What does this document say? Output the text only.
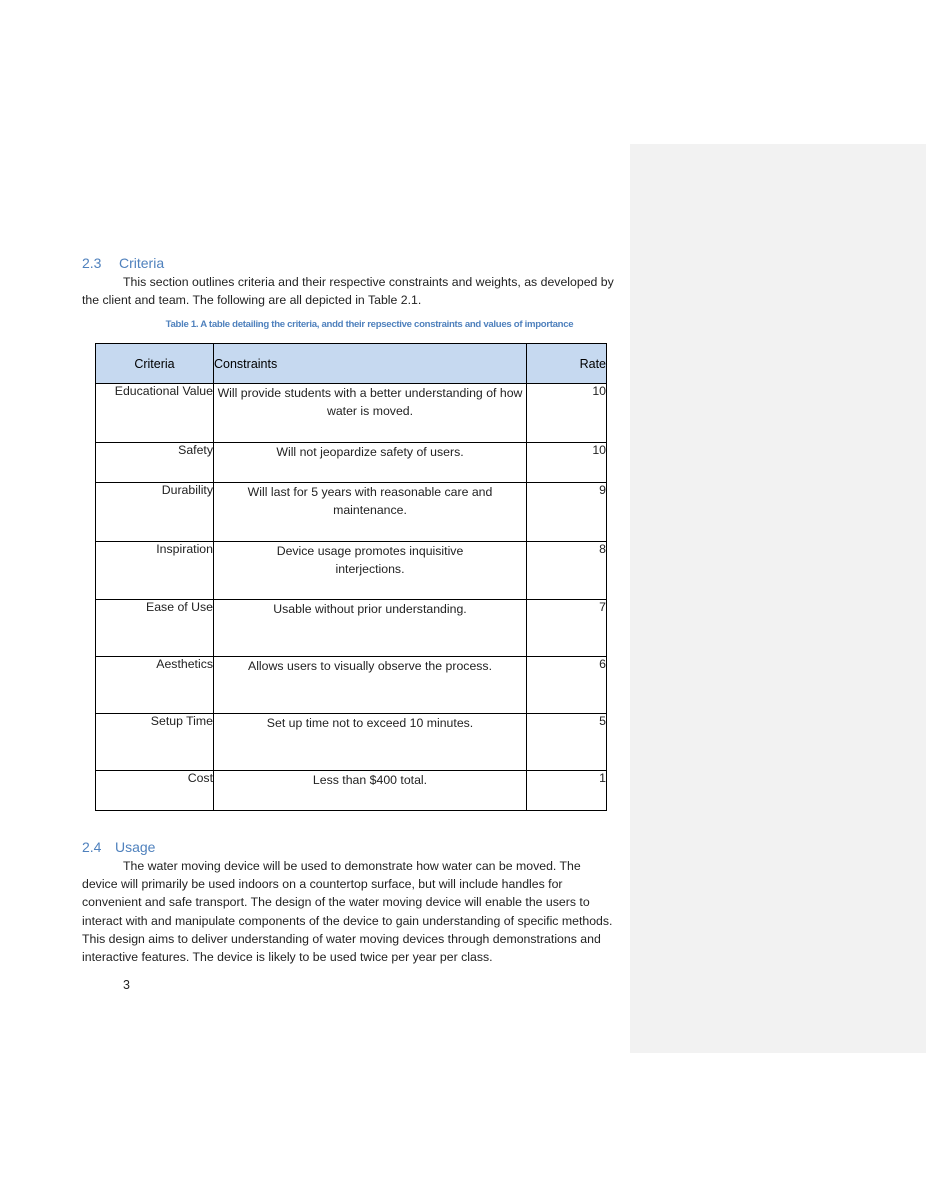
2.3 Criteria

This section outlines criteria and their respective constraints and weights, as developed by the client and team. The following are all depicted in Table 2.1.

Table 1. A table detailing the criteria, andd their repsective constraints and values of importance
Criteria	Constraints	Rate
Educational Value	Will provide students with a better understanding of how water is moved.	10
Safety	Will not jeopardize safety of users.	10
Durability	Will last for 5 years with reasonable care and maintenance.	9
Inspiration	Device usage promotes inquisitive interjections.	8
Ease of Use	Usable without prior understanding.	7
Aesthetics	Allows users to visually observe the process.	6
Setup Time	Set up time not to exceed 10 minutes.	5
Cost	Less than $400 total.	1
2.4 Usage

The water moving device will be used to demonstrate how water can be moved. The device will primarily be used indoors on a countertop surface, but will include handles for convenient and safe transport. The design of the water moving device will enable the users to interact with and manipulate components of the device to gain understanding of specific methods. This design aims to deliver understanding of water moving devices through demonstrations and interactive features. The device is likely to be used twice per year per class.

3
